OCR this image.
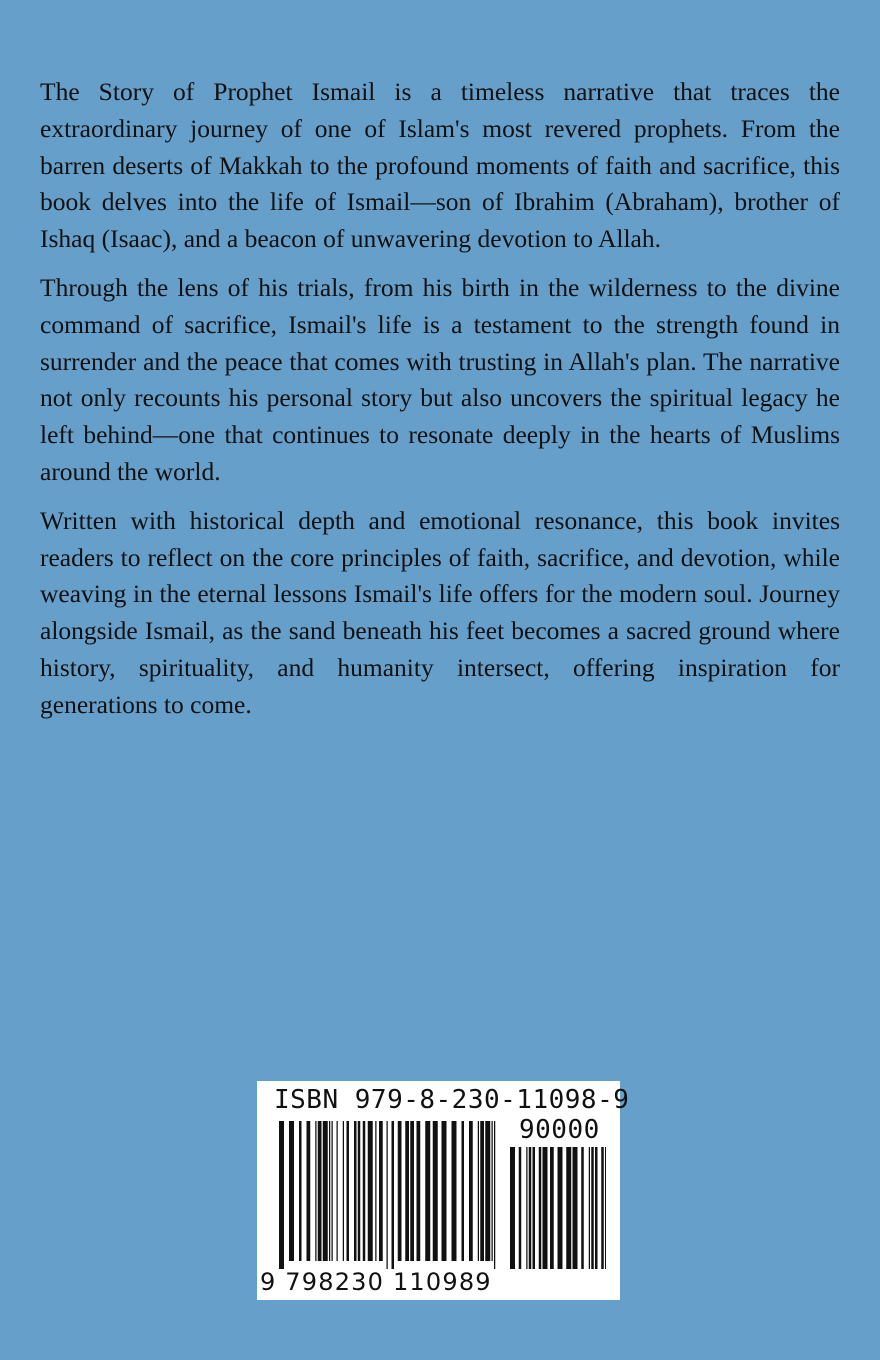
The Story of Prophet Ismail is a timeless narrative that traces the extraordinary journey of one of Islam's most revered prophets. From the barren deserts of Makkah to the profound moments of faith and sacrifice, this book delves into the life of Ismail—son of Ibrahim (Abraham), brother of Ishaq (Isaac), and a beacon of unwavering devotion to Allah.

Through the lens of his trials, from his birth in the wilderness to the divine command of sacrifice, Ismail's life is a testament to the strength found in surrender and the peace that comes with trusting in Allah's plan. The narrative not only recounts his personal story but also uncovers the spiritual legacy he left behind—one that continues to resonate deeply in the hearts of Muslims around the world.

Written with historical depth and emotional resonance, this book invites readers to reflect on the core principles of faith, sacrifice, and devotion, while weaving in the eternal lessons Ismail's life offers for the modern soul. Journey alongside Ismail, as the sand beneath his feet becomes a sacred ground where history, spirituality, and humanity intersect, offering inspiration for generations to come.

ISBN 979-8-230-11098-9
90000
9 798230 110989
